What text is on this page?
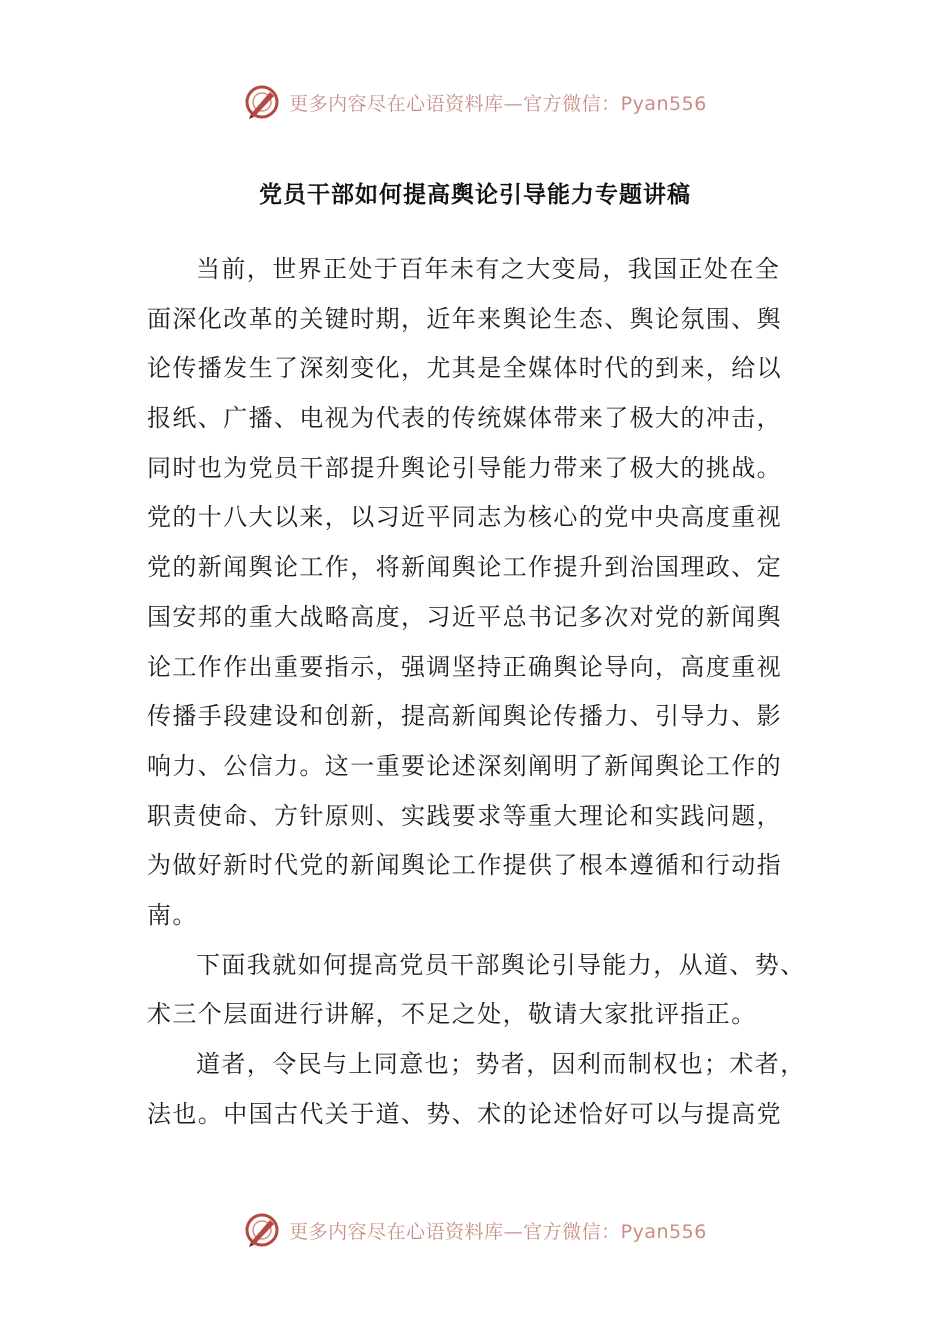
更多内容尽在心语资料库—官方微信：Pyan556
党员干部如何提高舆论引导能力专题讲稿
当前，世界正处于百年未有之大变局，我国正处在全
面深化改革的关键时期，近年来舆论生态、舆论氛围、舆
论传播发生了深刻变化，尤其是全媒体时代的到来，给以
报纸、广播、电视为代表的传统媒体带来了极大的冲击，
同时也为党员干部提升舆论引导能力带来了极大的挑战。
党的十八大以来，以习近平同志为核心的党中央高度重视
党的新闻舆论工作，将新闻舆论工作提升到治国理政、定
国安邦的重大战略高度，习近平总书记多次对党的新闻舆
论工作作出重要指示，强调坚持正确舆论导向，高度重视
传播手段建设和创新，提高新闻舆论传播力、引导力、影
响力、公信力。这一重要论述深刻阐明了新闻舆论工作的
职责使命、方针原则、实践要求等重大理论和实践问题，
为做好新时代党的新闻舆论工作提供了根本遵循和行动指
南。
下面我就如何提高党员干部舆论引导能力，从道、势、
术三个层面进行讲解，不足之处，敬请大家批评指正。
道者，令民与上同意也；势者，因利而制权也；术者，
法也。中国古代关于道、势、术的论述恰好可以与提高党
更多内容尽在心语资料库—官方微信：Pyan556
